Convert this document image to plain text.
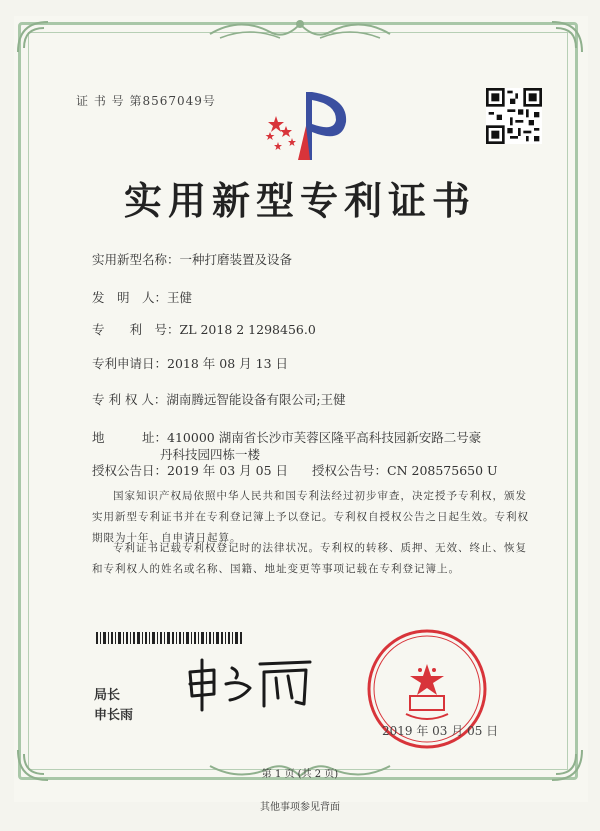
证 书 号 第8567049号
实用新型专利证书
实用新型名称：一种打磨装置及设备
发　明　人：王健
专　　利　号：ZL 2018 2 1298456.0
专利申请日：2018 年 08 月 13 日
专 利 权 人：湖南腾远智能设备有限公司;王健
地　　　址：410000 湖南省长沙市芙蓉区隆平高科技园新安路二号豪
丹科技园四栋一楼
授权公告日：2019 年 03 月 05 日 授权公告号：CN 208575650 U
国家知识产权局依照中华人民共和国专利法经过初步审查，决定授予专利权，颁发实用新型专利证书并在专利登记簿上予以登记。专利权自授权公告之日起生效。专利权期限为十年，自申请日起算。
专利证书记载专利权登记时的法律状况。专利权的转移、质押、无效、终止、恢复和专利权人的姓名或名称、国籍、地址变更等事项记载在专利登记簿上。
局长
申长雨
2019 年 03 月 05 日
第 1 页 (共 2 页)
其他事项参见背面
